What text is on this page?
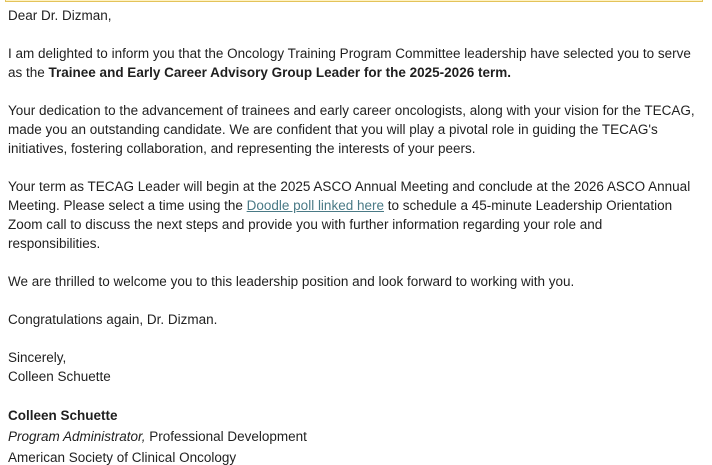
Dear Dr. Dizman,

I am delighted to inform you that the Oncology Training Program Committee leadership have selected you to serve as the Trainee and Early Career Advisory Group Leader for the 2025-2026 term.

Your dedication to the advancement of trainees and early career oncologists, along with your vision for the TECAG, made you an outstanding candidate. We are confident that you will play a pivotal role in guiding the TECAG's initiatives, fostering collaboration, and representing the interests of your peers.

Your term as TECAG Leader will begin at the 2025 ASCO Annual Meeting and conclude at the 2026 ASCO Annual Meeting. Please select a time using the Doodle poll linked here to schedule a 45-minute Leadership Orientation Zoom call to discuss the next steps and provide you with further information regarding your role and responsibilities.

We are thrilled to welcome you to this leadership position and look forward to working with you.

Congratulations again, Dr. Dizman.

Sincerely,
Colleen Schuette

Colleen Schuette
Program Administrator, Professional Development
American Society of Clinical Oncology
